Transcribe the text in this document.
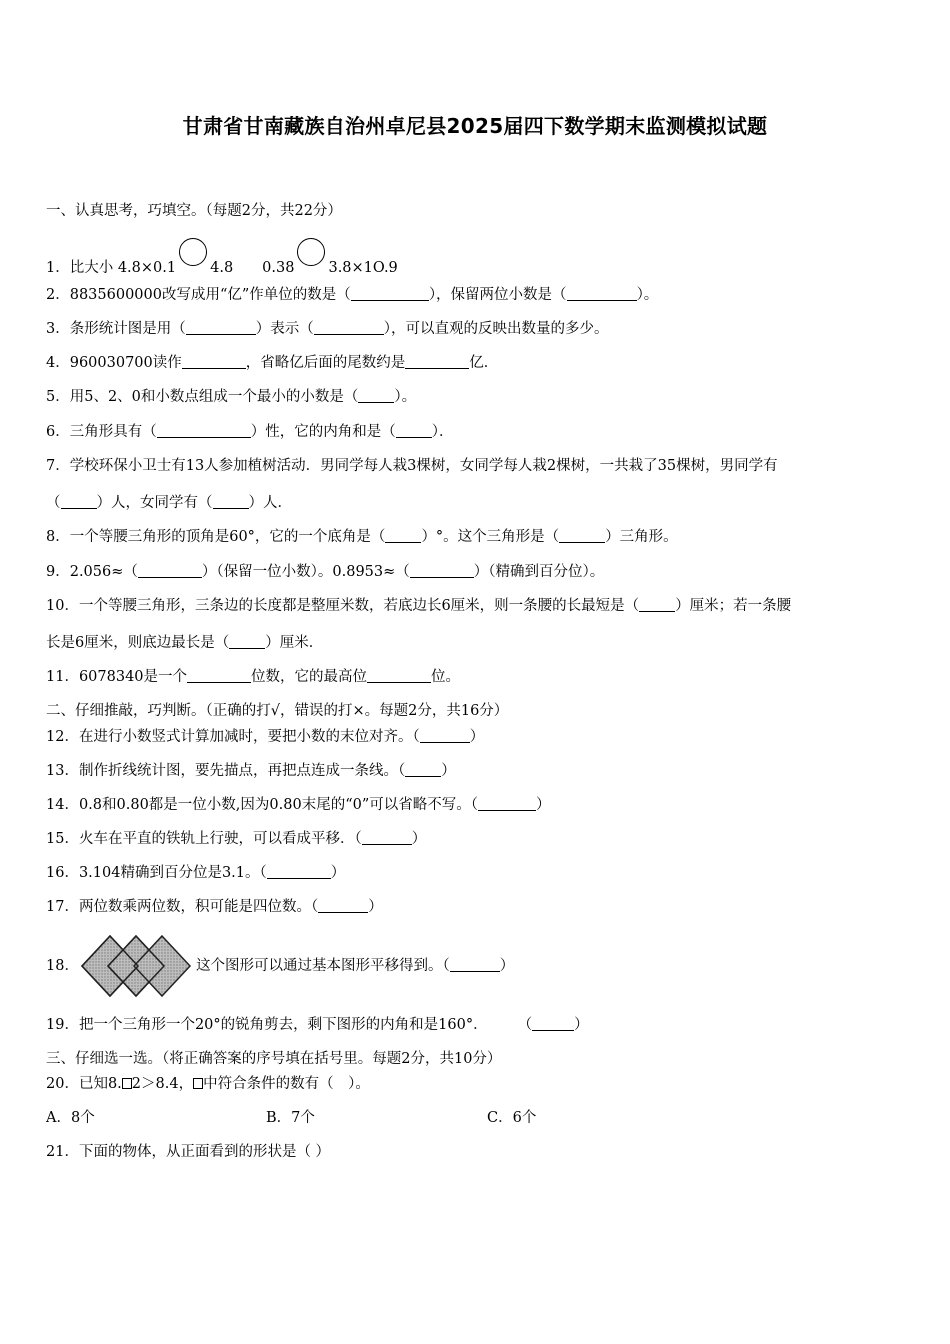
甘肃省甘南藏族自治州卓尼县2025届四下数学期末监测模拟试题
一、认真思考，巧填空。（每题2分，共22分）
1．比大小 4.8×0.1 4.8　　0.38 3.8×1O.9
2．8835600000改写成用“亿”作单位的数是（	），保留两位小数是（	）。
3．条形统计图是用（	）表示（	），可以直观的反映出数量的多少。
4．960030700读作	，省略亿后面的尾数约是	亿．
5．用5、2、0和小数点组成一个最小的小数是（ ）。
6．三角形具有（	）性，它的内角和是（ ）．
7．学校环保小卫士有13人参加植树活动．男同学每人栽3棵树，女同学每人栽2棵树，一共栽了35棵树，男同学有
（ ）人，女同学有（ ）人．
8．一个等腰三角形的顶角是60°，它的一个底角是（ ）°。这个三角形是（	）三角形。
9．2.056≈（	）（保留一位小数）。0.8953≈（	）（精确到百分位）。
10．一个等腰三角形，三条边的长度都是整厘米数，若底边长6厘米，则一条腰的长最短是（ ）厘米；若一条腰
长是6厘米，则底边最长是（ ）厘米．
11．6078340是一个	位数，它的最高位	位。
二、仔细推敲，巧判断。（正确的打√，错误的打×。每题2分，共16分）
12．在进行小数竖式计算加减时，要把小数的末位对齐。（	）
13．制作折线统计图，要先描点，再把点连成一条线。（ ）
14．0.8和0.80都是一位小数,因为0.80末尾的“0”可以省略不写。（	）
15．火车在平直的铁轨上行驶，可以看成平移．（	）
16．3.104精确到百分位是3.1。（	）
17．两位数乘两位数，积可能是四位数。（	）
18．	这个图形可以通过基本图形平移得到。（	）
19．把一个三角形一个20°的锐角剪去，剩下图形的内角和是160°． （	）
三、仔细选一选。（将正确答案的序号填在括号里。每题2分，共10分）
20．已知8. 2＞8.4， 中符合条件的数有（　）。
A．8个	B．7个	C．6个
21．下面的物体，从正面看到的形状是（ ）
